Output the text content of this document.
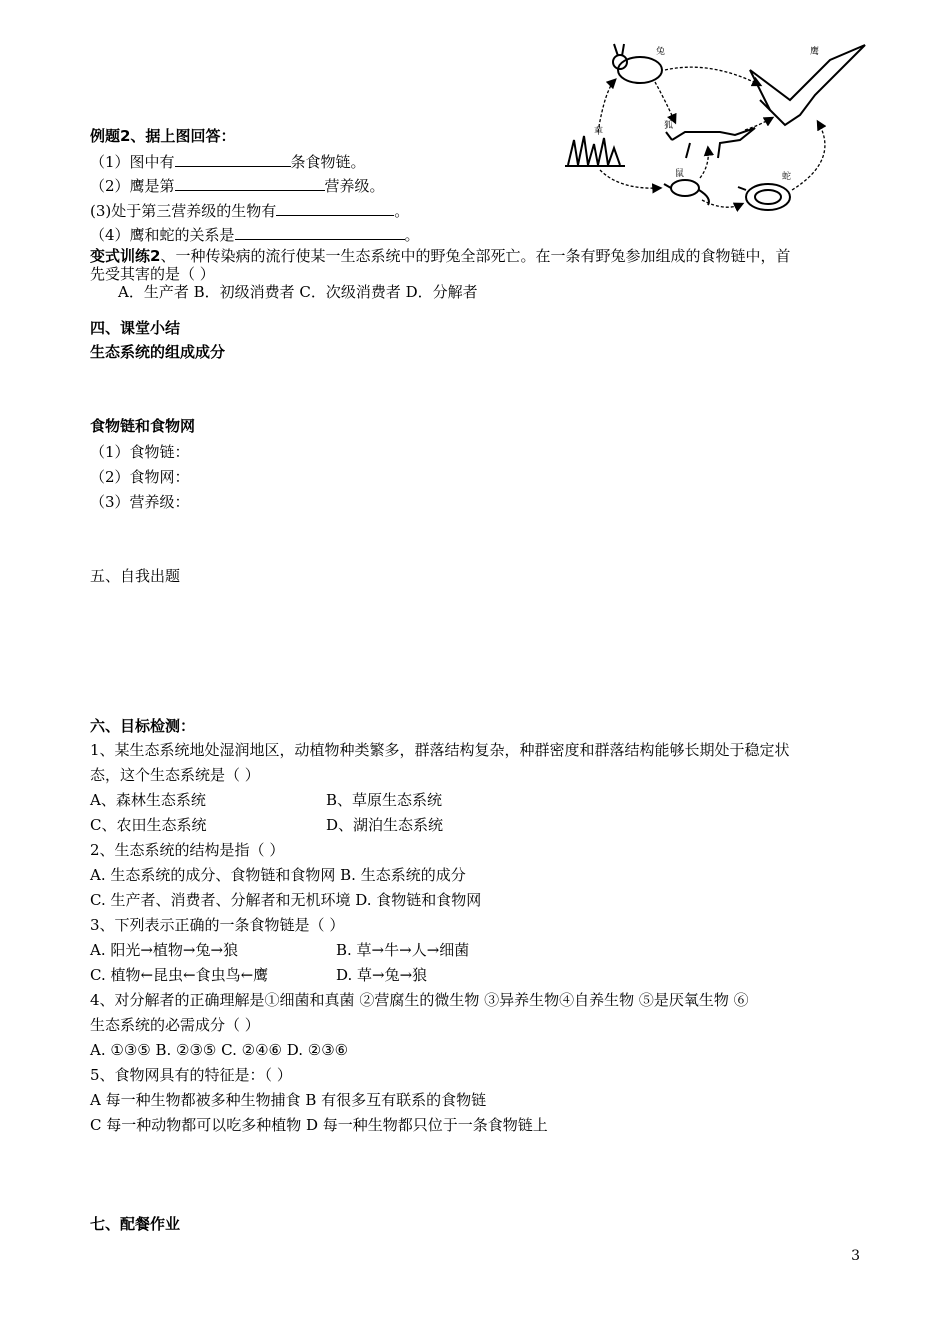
兔	鹰
狐
草
鼠	蛇
例题2、据上图回答：
（1）图中有	条食物链。
（2）鹰是第	营养级。
(3)处于第三营养级的生物有	。
（4）鹰和蛇的关系是	。
变式训练2、一种传染病的流行使某一生态系统中的野兔全部死亡。在一条有野兔参加组成的食物链中，首
先受其害的是（ ）
A．生产者 B．初级消费者 C．次级消费者 D．分解者
四、课堂小结
生态系统的组成成分
食物链和食物网
（1）食物链：
（2）食物网：
（3）营养级：
五、自我出题
六、目标检测：
1、某生态系统地处湿润地区，动植物种类繁多，群落结构复杂，种群密度和群落结构能够长期处于稳定状
态，这个生态系统是（ ）
A、森林生态系统	B、草原生态系统
C、农田生态系统	D、湖泊生态系统
2、生态系统的结构是指（ ）
A. 生态系统的成分、食物链和食物网 B. 生态系统的成分
C. 生产者、消费者、分解者和无机环境 D. 食物链和食物网
3、下列表示正确的一条食物链是（ ）
A. 阳光→植物→兔→狼	B. 草→牛→人→细菌
C. 植物←昆虫←食虫鸟←鹰	D. 草→兔→狼
4、对分解者的正确理解是①细菌和真菌 ②营腐生的微生物 ③异养生物④自养生物 ⑤是厌氧生物 ⑥
生态系统的必需成分（ ）
A. ①③⑤ B. ②③⑤ C. ②④⑥ D. ②③⑥
5、食物网具有的特征是：（ ）
A 每一种生物都被多种生物捕食 B 有很多互有联系的食物链
C 每一种动物都可以吃多种植物 D 每一种生物都只位于一条食物链上
七、配餐作业
3
